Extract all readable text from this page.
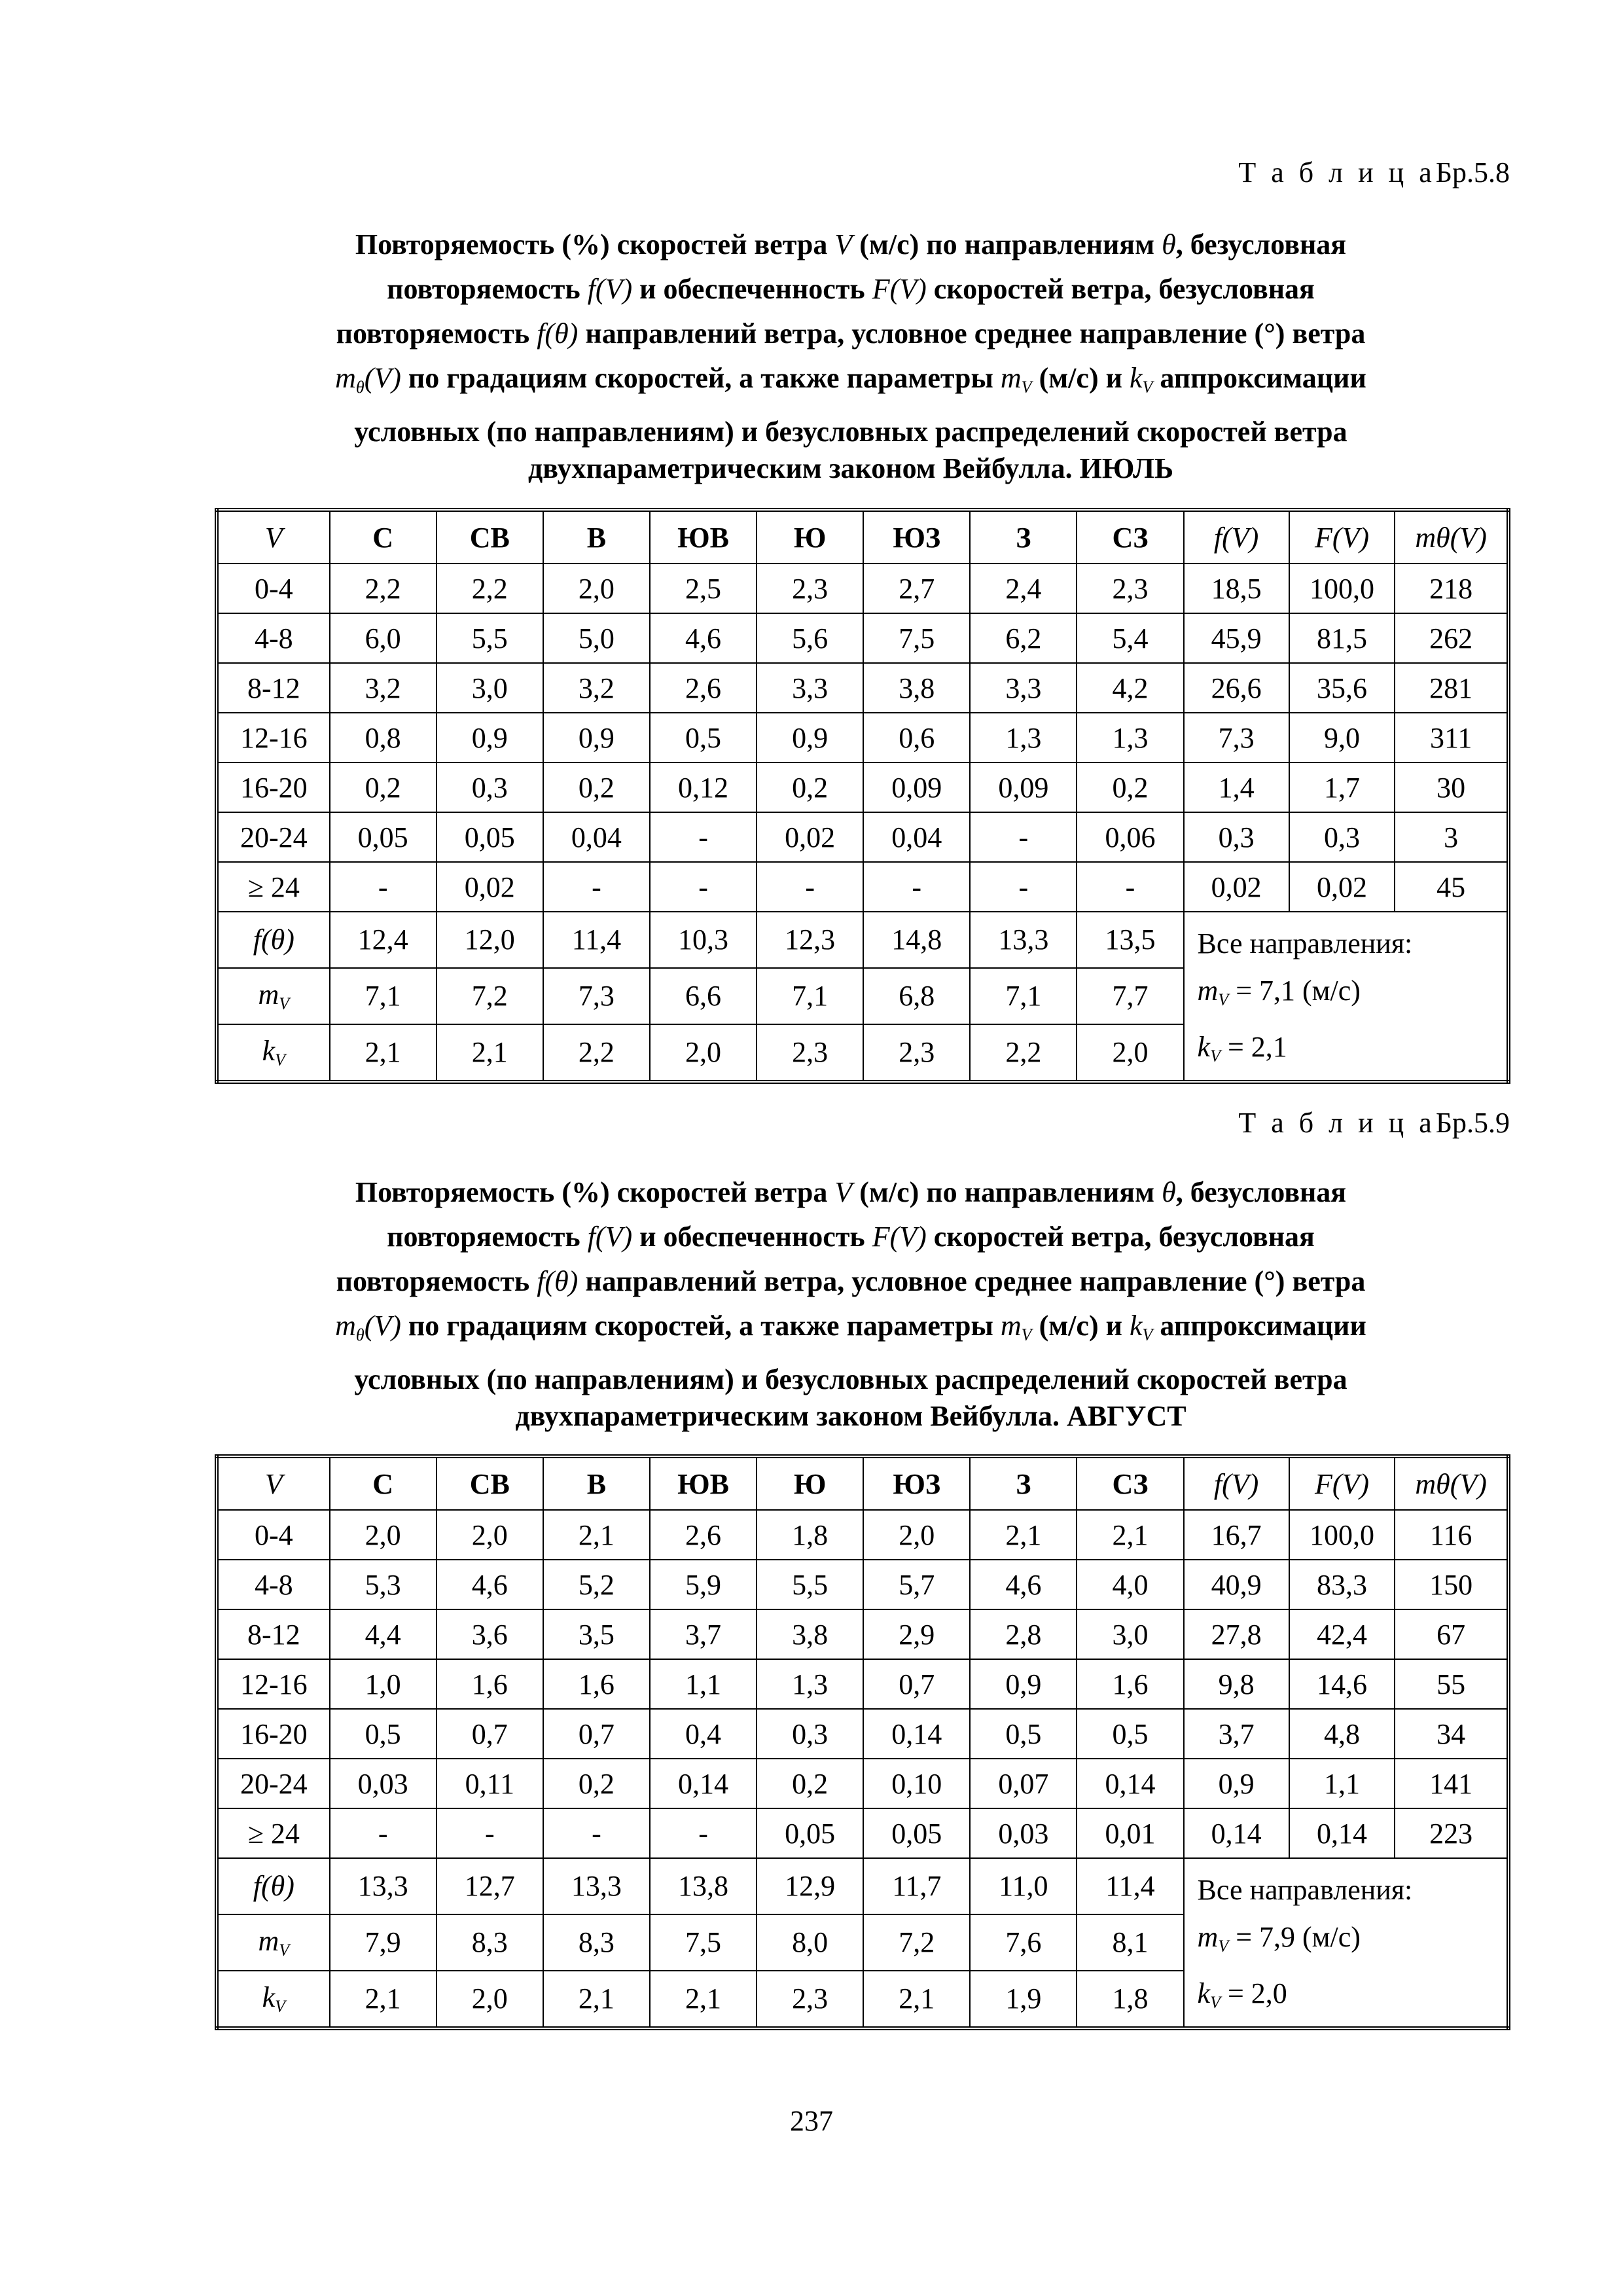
Т а б л и ц аБр.5.8
Повторяемость (%) скоростей ветра V (м/с) по направлениям θ, безусловная
повторяемость f(V) и обеспеченность F(V) скоростей ветра, безусловная
повторяемость f(θ) направлений ветра, условное среднее направление (°) ветра
$m_\theta(V)$ по градациям скоростей, а также параметры $m_V$ (м/с) и $k_V$ аппроксимации
условных (по направлениям) и безусловных распределений скоростей ветра
двухпараметрическим законом Вейбулла. ИЮЛЬ
V	С	СВ	В	ЮВ	Ю	ЮЗ	З	СЗ	f(V)	F(V)	mθ(V)
0-4	2,2	2,2	2,0	2,5	2,3	2,7	2,4	2,3	18,5	100,0	218
4-8	6,0	5,5	5,0	4,6	5,6	7,5	6,2	5,4	45,9	81,5	262
8-12	3,2	3,0	3,2	2,6	3,3	3,8	3,3	4,2	26,6	35,6	281
12-16	0,8	0,9	0,9	0,5	0,9	0,6	1,3	1,3	7,3	9,0	311
16-20	0,2	0,3	0,2	0,12	0,2	0,09	0,09	0,2	1,4	1,7	30
20-24	0,05	0,05	0,04	-	0,02	0,04	-	0,06	0,3	0,3	3
≥ 24	-	0,02	-	-	-	-	-	-	0,02	0,02	45
f(θ)	12,4	12,0	11,4	10,3	12,3	14,8	13,3	13,5	Все направления:
$m_V = 7,1$ (м/с)
$k_V = 2,1$		

$m_V$	7,1	7,2	7,3	6,6	7,1	6,8	7,1	7,7			
$k_V$	2,1	2,1	2,2	2,0	2,3	2,3	2,2	2,0			
Т а б л и ц аБр.5.9
Повторяемость (%) скоростей ветра V (м/с) по направлениям θ, безусловная
повторяемость f(V) и обеспеченность F(V) скоростей ветра, безусловная
повторяемость f(θ) направлений ветра, условное среднее направление (°) ветра
$m_\theta(V)$ по градациям скоростей, а также параметры $m_V$ (м/с) и $k_V$ аппроксимации
условных (по направлениям) и безусловных распределений скоростей ветра
двухпараметрическим законом Вейбулла. АВГУСТ
V	С	СВ	В	ЮВ	Ю	ЮЗ	З	СЗ	f(V)	F(V)	mθ(V)
0-4	2,0	2,0	2,1	2,6	1,8	2,0	2,1	2,1	16,7	100,0	116
4-8	5,3	4,6	5,2	5,9	5,5	5,7	4,6	4,0	40,9	83,3	150
8-12	4,4	3,6	3,5	3,7	3,8	2,9	2,8	3,0	27,8	42,4	67
12-16	1,0	1,6	1,6	1,1	1,3	0,7	0,9	1,6	9,8	14,6	55
16-20	0,5	0,7	0,7	0,4	0,3	0,14	0,5	0,5	3,7	4,8	34
20-24	0,03	0,11	0,2	0,14	0,2	0,10	0,07	0,14	0,9	1,1	141
≥ 24	-	-	-	-	0,05	0,05	0,03	0,01	0,14	0,14	223
f(θ)	13,3	12,7	13,3	13,8	12,9	11,7	11,0	11,4	Все направления:
$m_V = 7,9$ (м/с)
$k_V = 2,0$		

$m_V$	7,9	8,3	8,3	7,5	8,0	7,2	7,6	8,1			
$k_V$	2,1	2,0	2,1	2,1	2,3	2,1	1,9	1,8			
237
